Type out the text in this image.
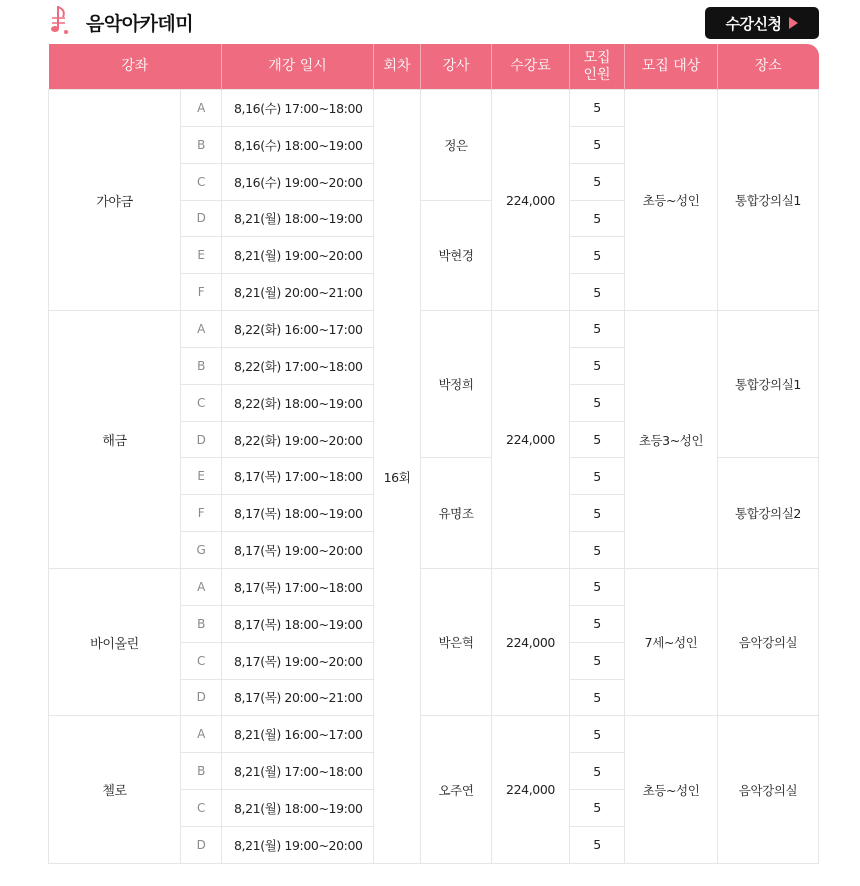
음악아카데미	수강신청
강좌		개강 일시	회차	강사	수강료	모집 인원	모집 대상	장소
가야금	A	8,16(수) 17:00~18:00	16회	정은	224,000	5	초등~성인	통합강의실1
	B	8,16(수) 18:00~19:00				5		
	C	8,16(수) 19:00~20:00				5		
	D	8,21(월) 18:00~19:00		박현경		5		
	E	8,21(월) 19:00~20:00				5		
	F	8,21(월) 20:00~21:00				5		
해금	A	8,22(화) 16:00~17:00		박정희	224,000	5	초등3~성인	통합강의실1
	B	8,22(화) 17:00~18:00				5		
	C	8,22(화) 18:00~19:00				5		
	D	8,22(화) 19:00~20:00				5		
	E	8,17(목) 17:00~18:00		유명조		5		통합강의실2
	F	8,17(목) 18:00~19:00				5		
	G	8,17(목) 19:00~20:00				5		
바이올린	A	8,17(목) 17:00~18:00		박은혁	224,000	5	7세~성인	음악강의실
	B	8,17(목) 18:00~19:00				5		
	C	8,17(목) 19:00~20:00				5		
	D	8,17(목) 20:00~21:00				5		
첼로	A	8,21(월) 16:00~17:00		오주연	224,000	5	초등~성인	음악강의실
	B	8,21(월) 17:00~18:00				5		
	C	8,21(월) 18:00~19:00				5		
	D	8,21(월) 19:00~20:00				5		
